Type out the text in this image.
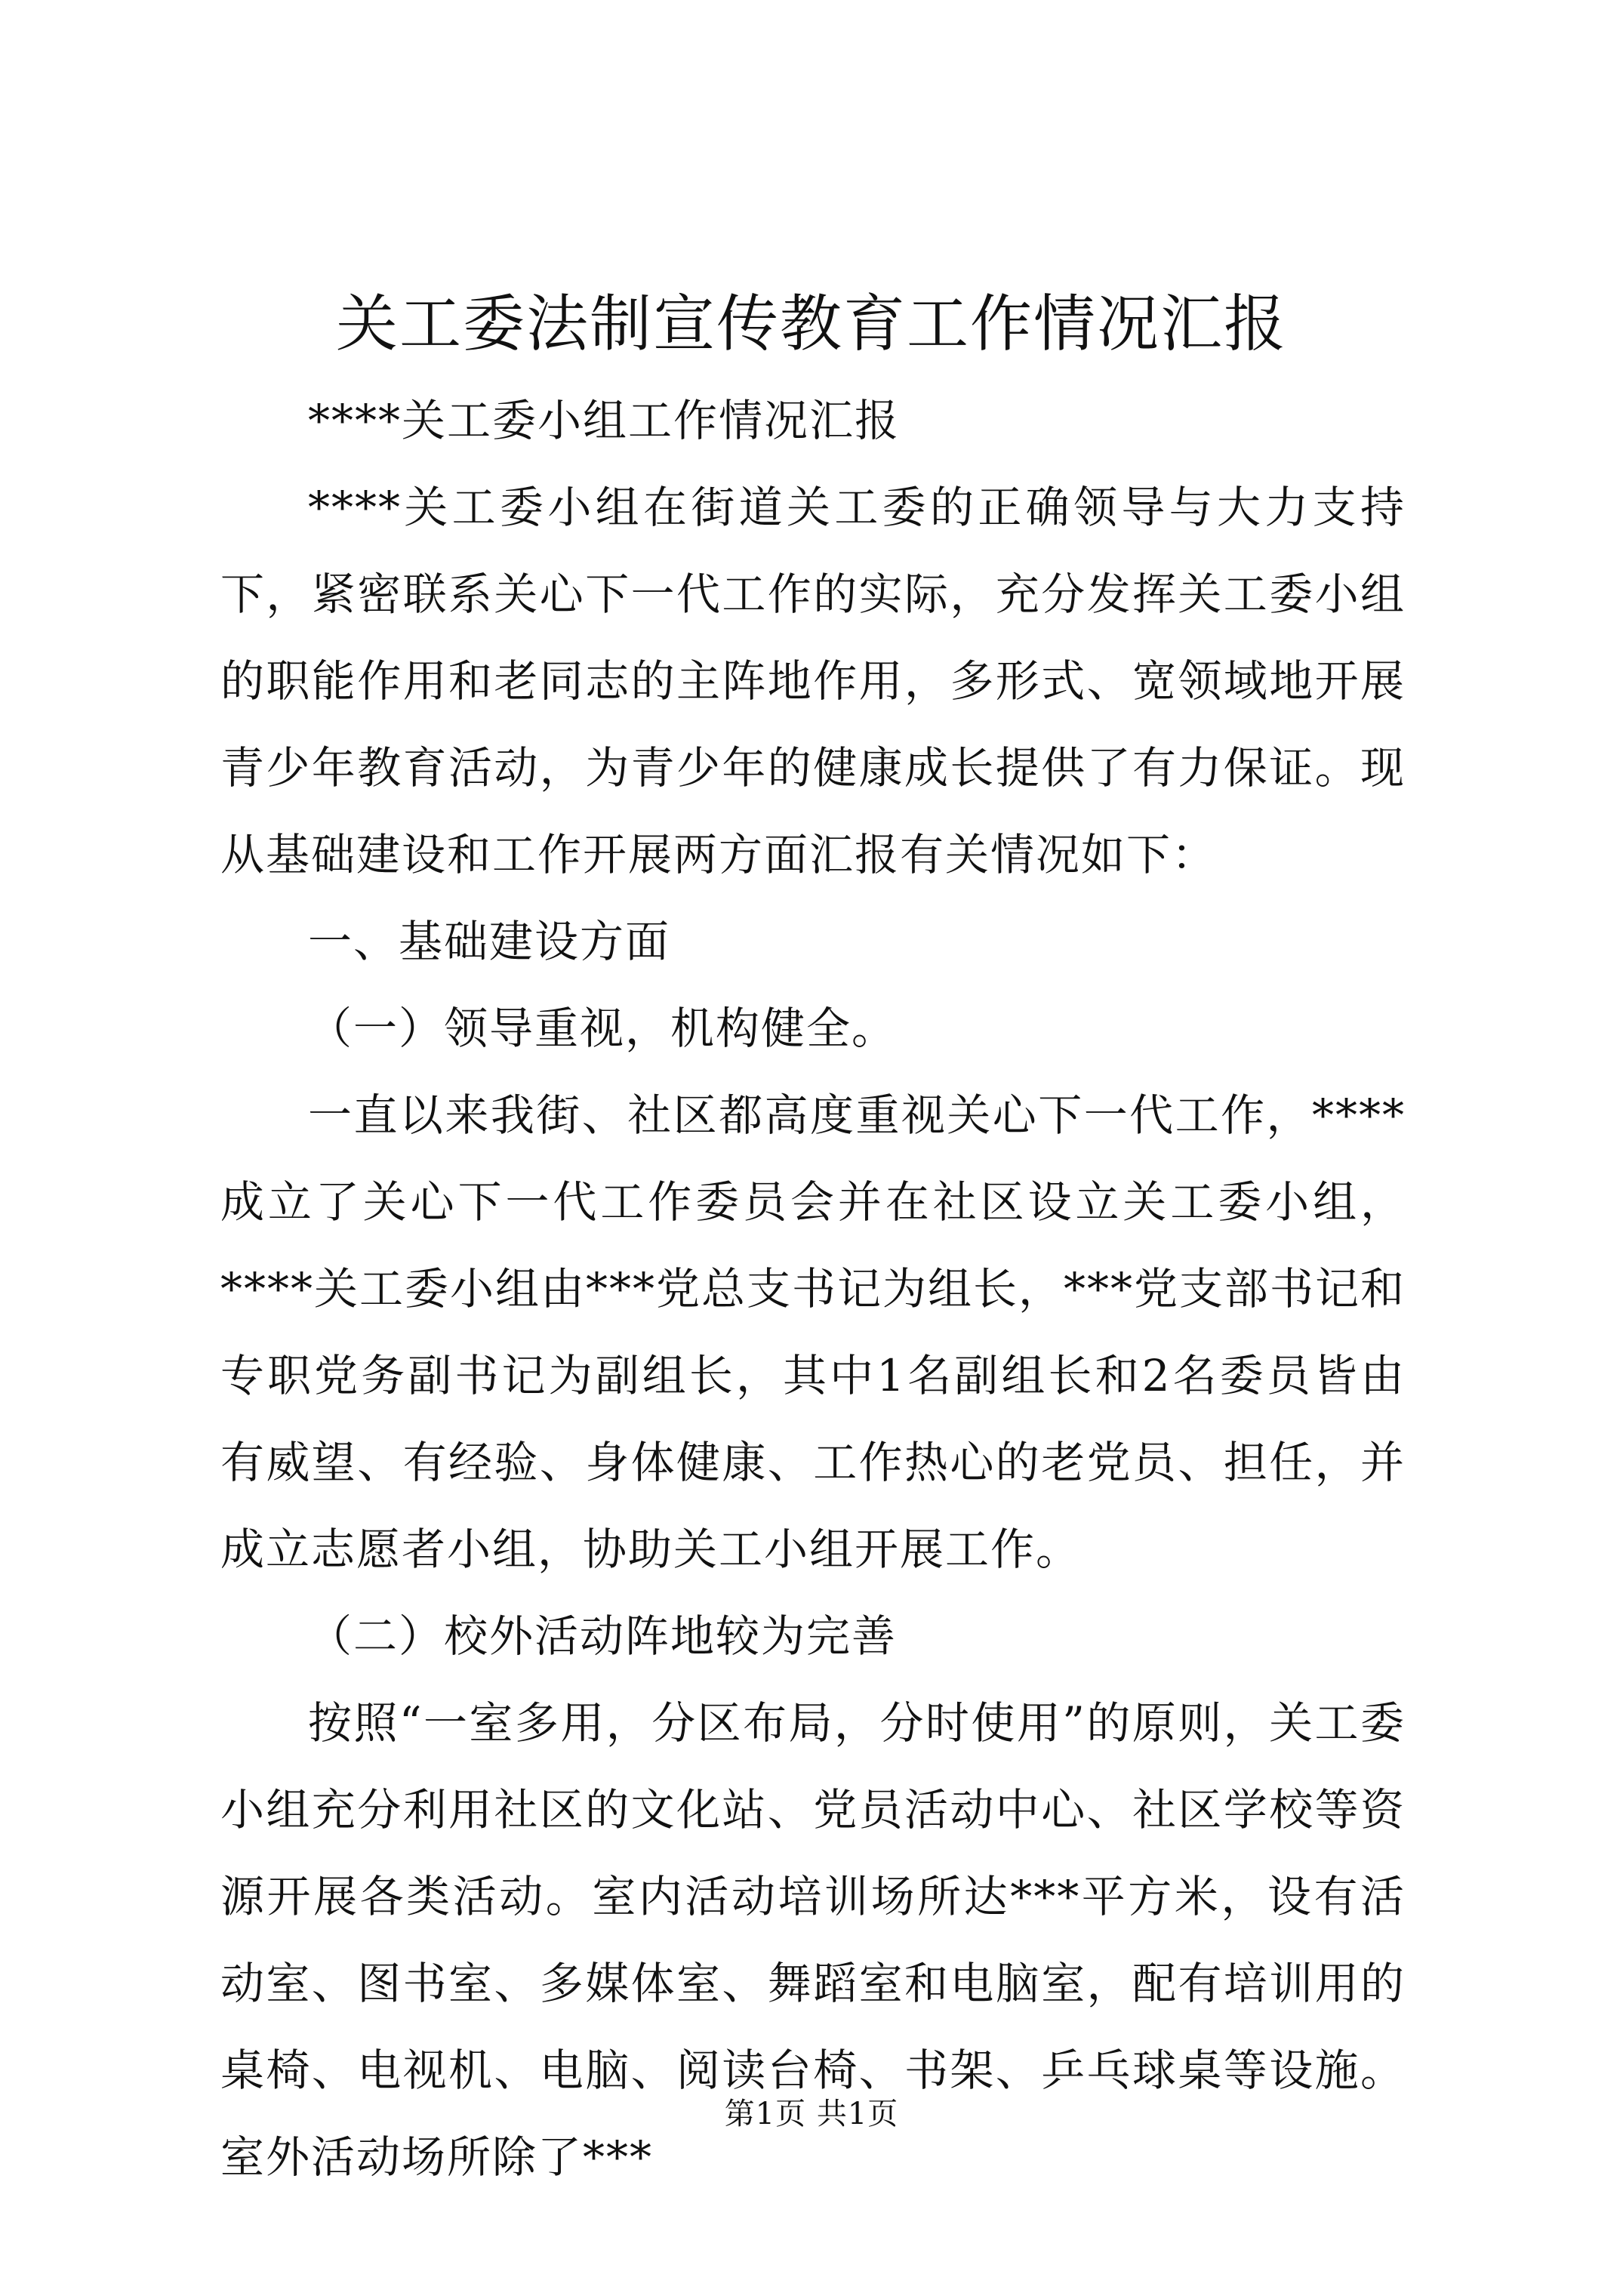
关工委法制宣传教育工作情况汇报

****关工委小组工作情况汇报

****关工委小组在街道关工委的正确领导与大力支持下，紧密联系关心下一代工作的实际，充分发挥关工委小组的职能作用和老同志的主阵地作用，多形式、宽领域地开展青少年教育活动，为青少年的健康成长提供了有力保证。现从基础建设和工作开展两方面汇报有关情况如下：

一、基础建设方面

（一）领导重视，机构健全。

一直以来我街、社区都高度重视关心下一代工作，****成立了关心下一代工作委员会并在社区设立关工委小组，****关工委小组由***党总支书记为组长，***党支部书记和专职党务副书记为副组长，其中1名副组长和2名委员皆由有威望、有经验、身体健康、工作热心的老党员、担任，并成立志愿者小组，协助关工小组开展工作。

（二）校外活动阵地较为完善

按照“一室多用，分区布局，分时使用”的原则，关工委小组充分利用社区的文化站、党员活动中心、社区学校等资源开展各类活动。室内活动培训场所达***平方米，设有活动室、图书室、多媒体室、舞蹈室和电脑室，配有培训用的桌椅、电视机、电脑、阅读台椅、书架、乒乓球桌等设施。室外活动场所除了***

第1页 共1页
